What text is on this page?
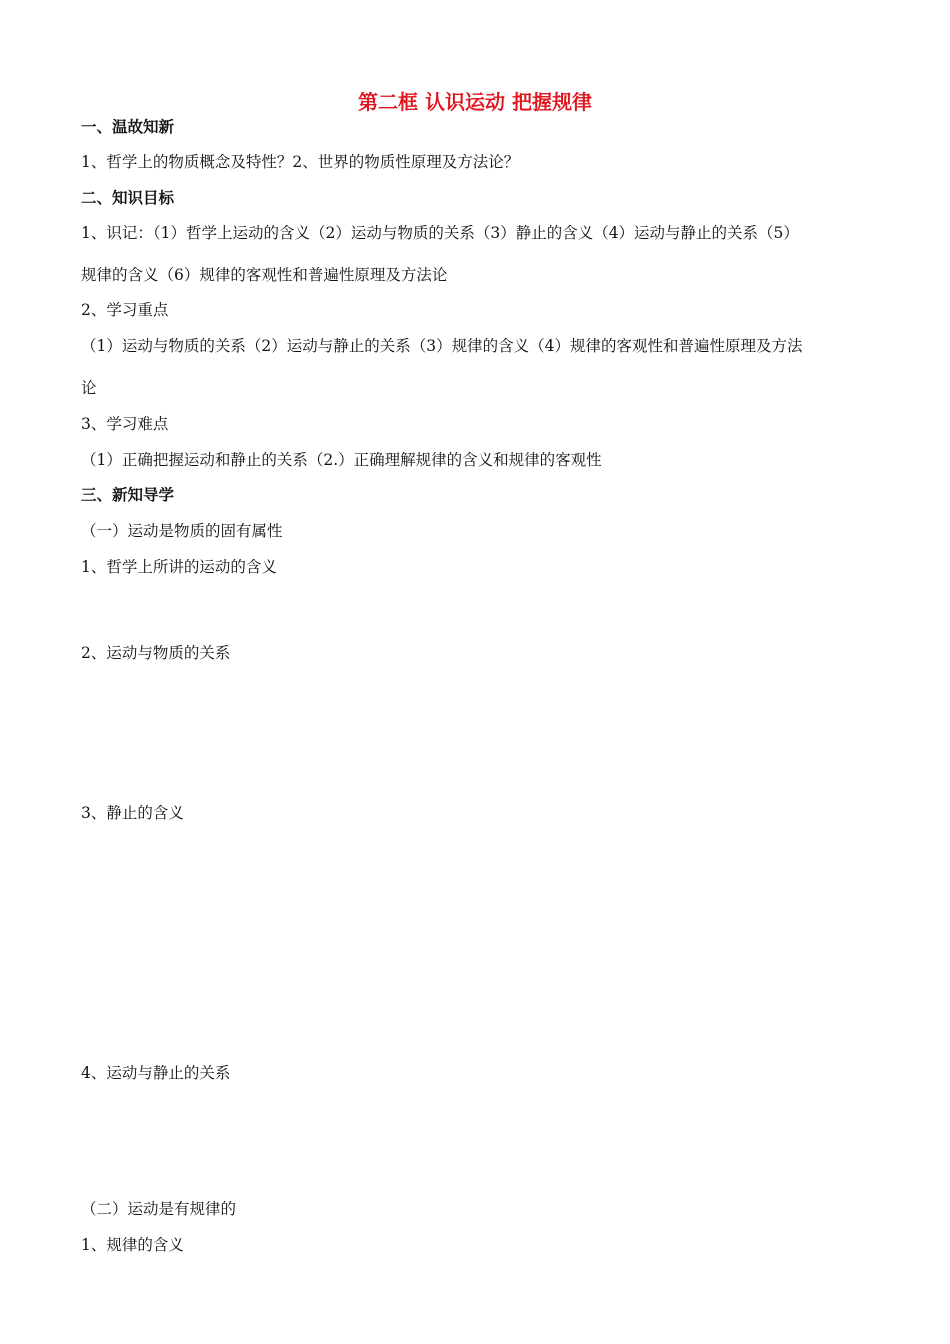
第二框 认识运动 把握规律
一、温故知新
1、哲学上的物质概念及特性？2、世界的物质性原理及方法论？
二、知识目标
1、识记：（1）哲学上运动的含义（2）运动与物质的关系（3）静止的含义（4）运动与静止的关系（5）
规律的含义（6）规律的客观性和普遍性原理及方法论
2、学习重点
（1）运动与物质的关系（2）运动与静止的关系（3）规律的含义（4）规律的客观性和普遍性原理及方法
论
3、学习难点
（1）正确把握运动和静止的关系（2.）正确理解规律的含义和规律的客观性
三、新知导学
（一）运动是物质的固有属性
1、哲学上所讲的运动的含义
2、运动与物质的关系
3、静止的含义
4、运动与静止的关系
（二）运动是有规律的
1、规律的含义
